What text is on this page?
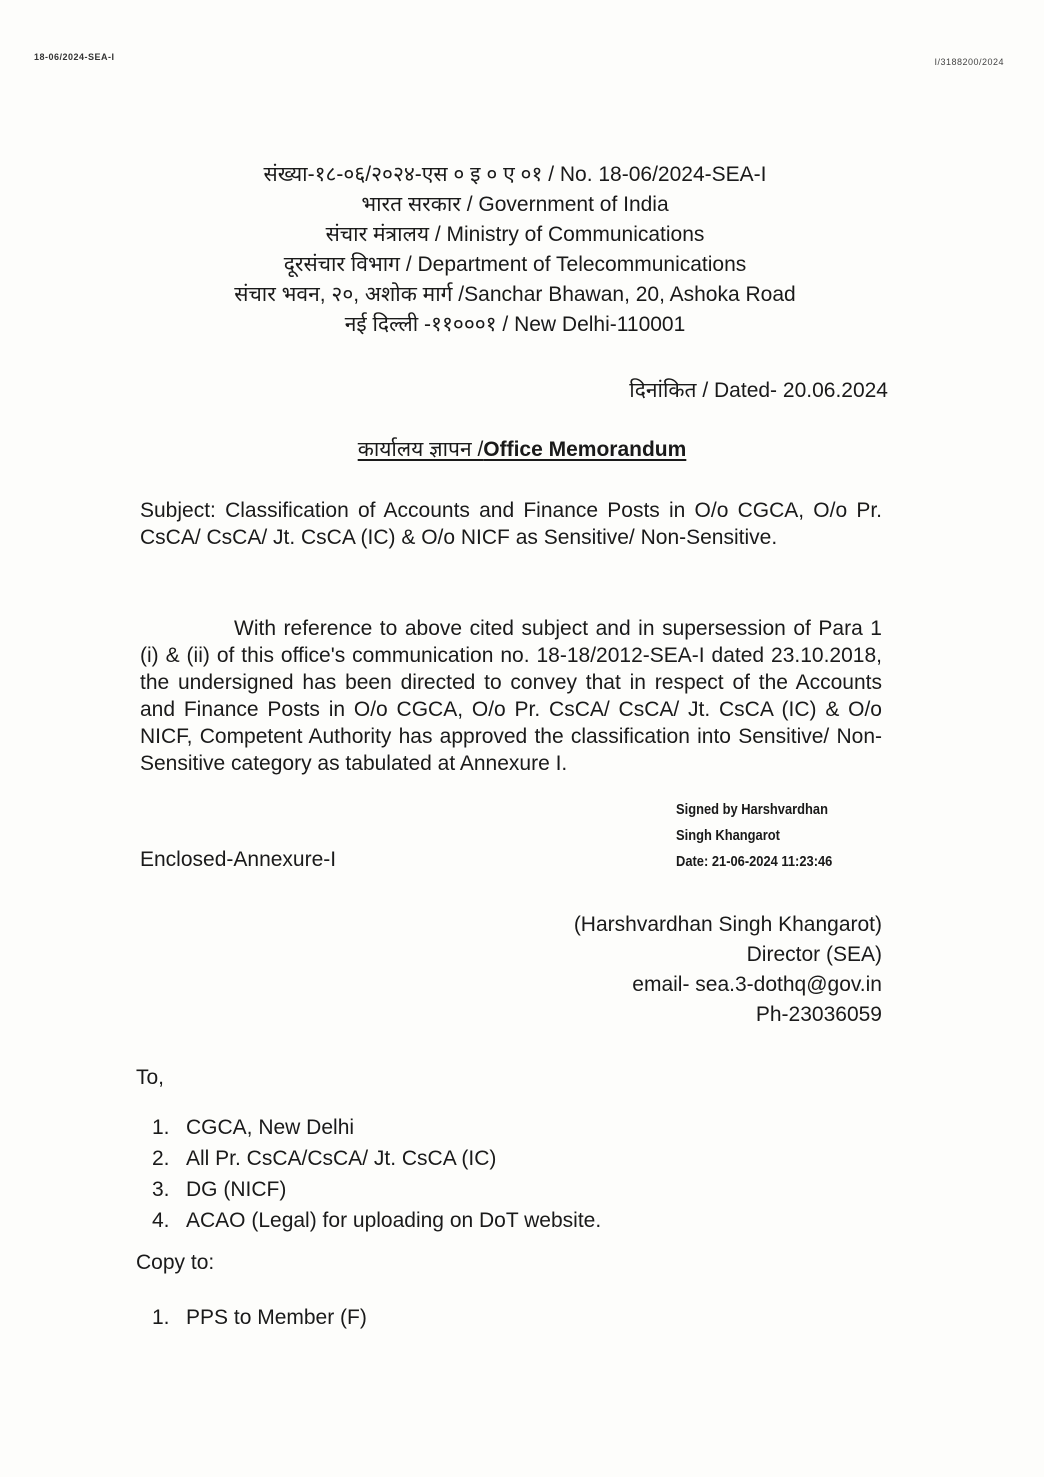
18-06/2024-SEA-I	I/3188200/2024
संख्या-१८-०६/२०२४-एस ० इ ० ए ०१ / No. 18-06/2024-SEA-I
भारत सरकार / Government of India
संचार मंत्रालय / Ministry of Communications
दूरसंचार विभाग / Department of Telecommunications
संचार भवन, २०, अशोक मार्ग /Sanchar Bhawan, 20, Ashoka Road
नई दिल्ली -११०००१ / New Delhi-110001
दिनांकित / Dated- 20.06.2024
कार्यालय ज्ञापन /Office Memorandum
Subject: Classification of Accounts and Finance Posts in O/o CGCA, O/o Pr. CsCA/ CsCA/ Jt. CsCA (IC) & O/o NICF as Sensitive/ Non-Sensitive.
With reference to above cited subject and in supersession of Para 1 (i) & (ii) of this office's communication no. 18-18/2012-SEA-I dated 23.10.2018, the undersigned has been directed to convey that in respect of the Accounts and Finance Posts in O/o CGCA, O/o Pr. CsCA/ CsCA/ Jt. CsCA (IC) & O/o NICF, Competent Authority has approved the classification into Sensitive/ Non-Sensitive category as tabulated at Annexure I.
Signed by Harshvardhan
Singh Khangarot
Date: 21-06-2024 11:23:46
Enclosed-Annexure-I
(Harshvardhan Singh Khangarot)
Director (SEA)
email- sea.3-dothq@gov.in
Ph-23036059
To,
1. CGCA, New Delhi
2. All Pr. CsCA/CsCA/ Jt. CsCA (IC)
3. DG (NICF)
4. ACAO (Legal) for uploading on DoT website.
Copy to:
1. PPS to Member (F)
